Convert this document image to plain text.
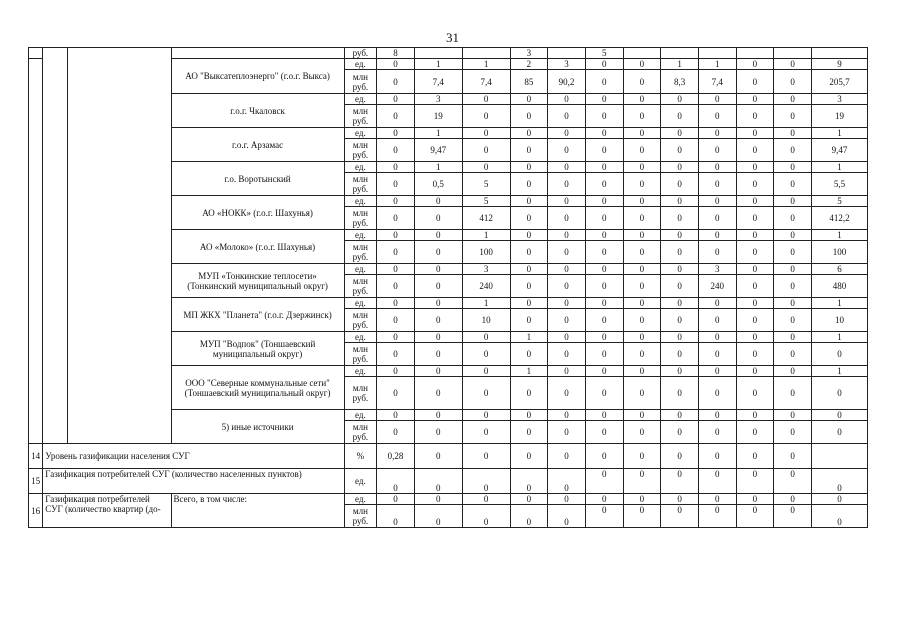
31
				руб.	8			3		5						
			АО "Выксатеплоэнерго" (г.о.г. Выкса)	ед.	0	1	1	2	3	0	0	1	1	0	0	9
				млн руб.	0	7,4	7,4	85	90,2	0	0	8,3	7,4	0	0	205,7
			г.о.г. Чкаловск	ед.	0	3	0	0	0	0	0	0	0	0	0	3
				млн руб.	0	19	0	0	0	0	0	0	0	0	0	19
			г.о.г. Арзамас	ед.	0	1	0	0	0	0	0	0	0	0	0	1
				млн руб.	0	9,47	0	0	0	0	0	0	0	0	0	9,47
			г.о. Воротынский	ед.	0	1	0	0	0	0	0	0	0	0	0	1
				млн руб.	0	0,5	5	0	0	0	0	0	0	0	0	5,5
			АО «НОКК» (г.о.г. Шахунья)	ед.	0	0	5	0	0	0	0	0	0	0	0	5
				млн руб.	0	0	412	0	0	0	0	0	0	0	0	412,2
			АО «Молоко» (г.о.г. Шахунья)	ед.	0	0	1	0	0	0	0	0	0	0	0	1
				млн руб.	0	0	100	0	0	0	0	0	0	0	0	100
			МУП «Тонкинские теплосети» (Тонкинский муниципальный округ)	ед.	0	0	3	0	0	0	0	0	3	0	0	6
				млн руб.	0	0	240	0	0	0	0	0	240	0	0	480
			МП ЖКХ "Планета" (г.о.г. Дзержинск)	ед.	0	0	1	0	0	0	0	0	0	0	0	1
				млн руб.	0	0	10	0	0	0	0	0	0	0	0	10
			МУП "Водпок" (Тоншаевский муниципальный округ)	ед.	0	0	0	1	0	0	0	0	0	0	0	1
				млн руб.	0	0	0	0	0	0	0	0	0	0	0	0
			ООО "Северные коммунальные сети" (Тоншаевский муниципальный округ)	ед.	0	0	0	1	0	0	0	0	0	0	0	1
				млн руб.	0	0	0	0	0	0	0	0	0	0	0	0
			5) иные источники	ед.	0	0	0	0	0	0	0	0	0	0	0	0
				млн руб.	0	0	0	0	0	0	0	0	0	0	0	0
14	Уровень газификации населения СУГ			%	0,28	0	0	0	0	0	0	0	0	0	0	
15	Газификация потребителей СУГ (количество населенных пунктов)			ед.	0	0	0	0	0	0	0	0	0	0	0	0
16	Газификация потребителей СУГ (количество квартир (до-		Всего, в том числе:	ед.	0	0	0	0	0	0	0	0	0	0	0	0
				млн руб.	0	0	0	0	0	0	0	0	0	0	0	0
